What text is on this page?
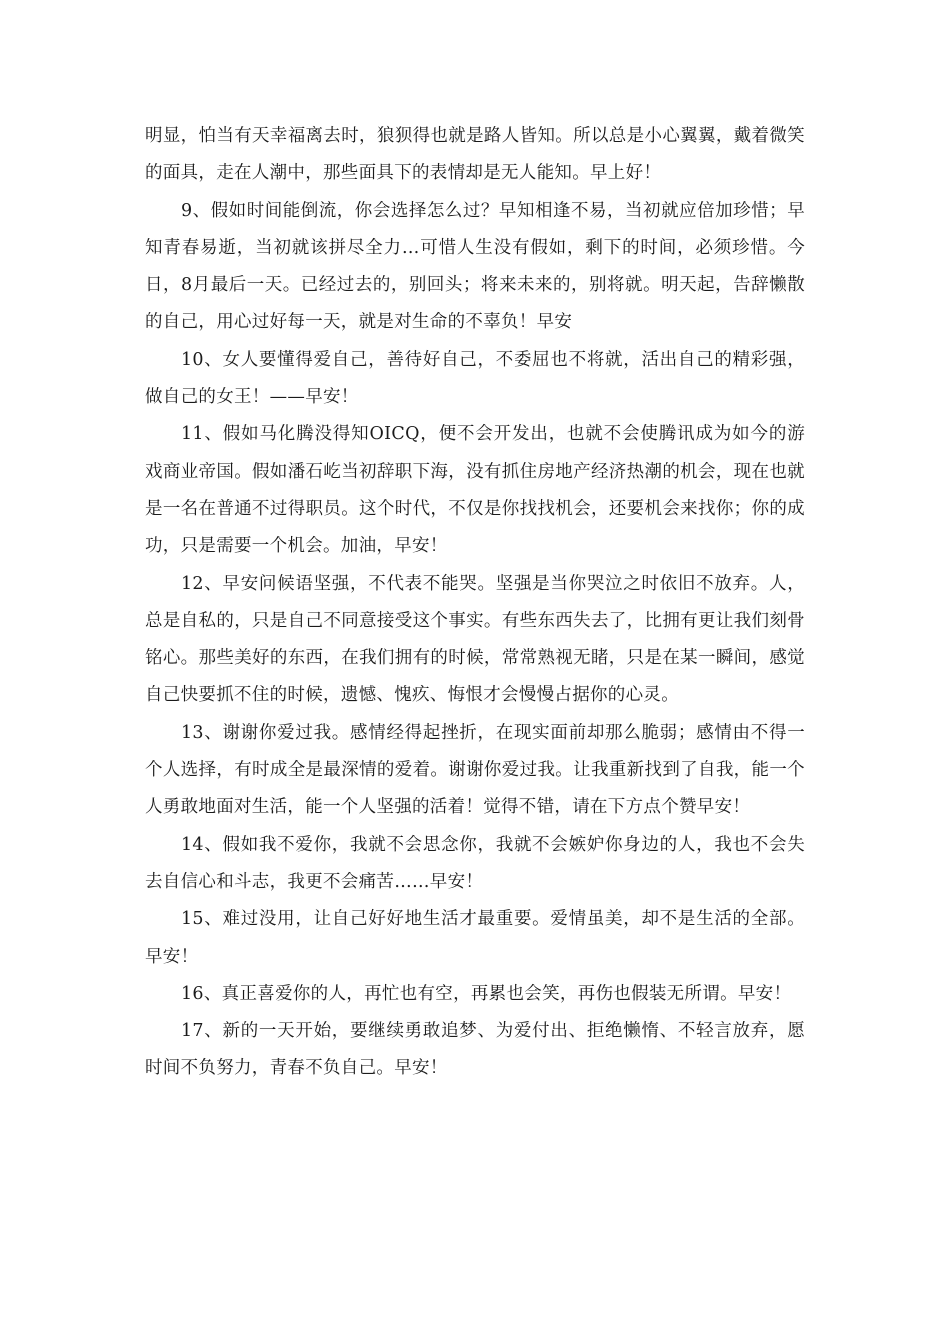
明显，怕当有天幸福离去时，狼狈得也就是路人皆知。所以总是小心翼翼，戴着微笑的面具，走在人潮中，那些面具下的表情却是无人能知。早上好！

9、假如时间能倒流，你会选择怎么过？早知相逢不易，当初就应倍加珍惜；早知青春易逝，当初就该拼尽全力…可惜人生没有假如，剩下的时间，必须珍惜。今日，8月最后一天。已经过去的，别回头；将来未来的，别将就。明天起，告辞懒散的自己，用心过好每一天，就是对生命的不辜负！早安

10、女人要懂得爱自己，善待好自己，不委屈也不将就，活出自己的精彩强，做自己的女王！——早安！

11、假如马化腾没得知OICQ，便不会开发出，也就不会使腾讯成为如今的游戏商业帝国。假如潘石屹当初辞职下海，没有抓住房地产经济热潮的机会，现在也就是一名在普通不过得职员。这个时代，不仅是你找找机会，还要机会来找你；你的成功，只是需要一个机会。加油，早安！

12、早安问候语坚强，不代表不能哭。坚强是当你哭泣之时依旧不放弃。人，总是自私的，只是自己不同意接受这个事实。有些东西失去了，比拥有更让我们刻骨铭心。那些美好的东西，在我们拥有的时候，常常熟视无睹，只是在某一瞬间，感觉自己快要抓不住的时候，遗憾、愧疚、悔恨才会慢慢占据你的心灵。

13、谢谢你爱过我。感情经得起挫折，在现实面前却那么脆弱；感情由不得一个人选择，有时成全是最深情的爱着。谢谢你爱过我。让我重新找到了自我，能一个人勇敢地面对生活，能一个人坚强的活着！觉得不错，请在下方点个赞早安！

14、假如我不爱你，我就不会思念你，我就不会嫉妒你身边的人，我也不会失去自信心和斗志，我更不会痛苦……早安！

15、难过没用，让自己好好地生活才最重要。爱情虽美，却不是生活的全部。早安！

16、真正喜爱你的人，再忙也有空，再累也会笑，再伤也假装无所谓。早安！

17、新的一天开始，要继续勇敢追梦、为爱付出、拒绝懒惰、不轻言放弃，愿时间不负努力，青春不负自己。早安！
